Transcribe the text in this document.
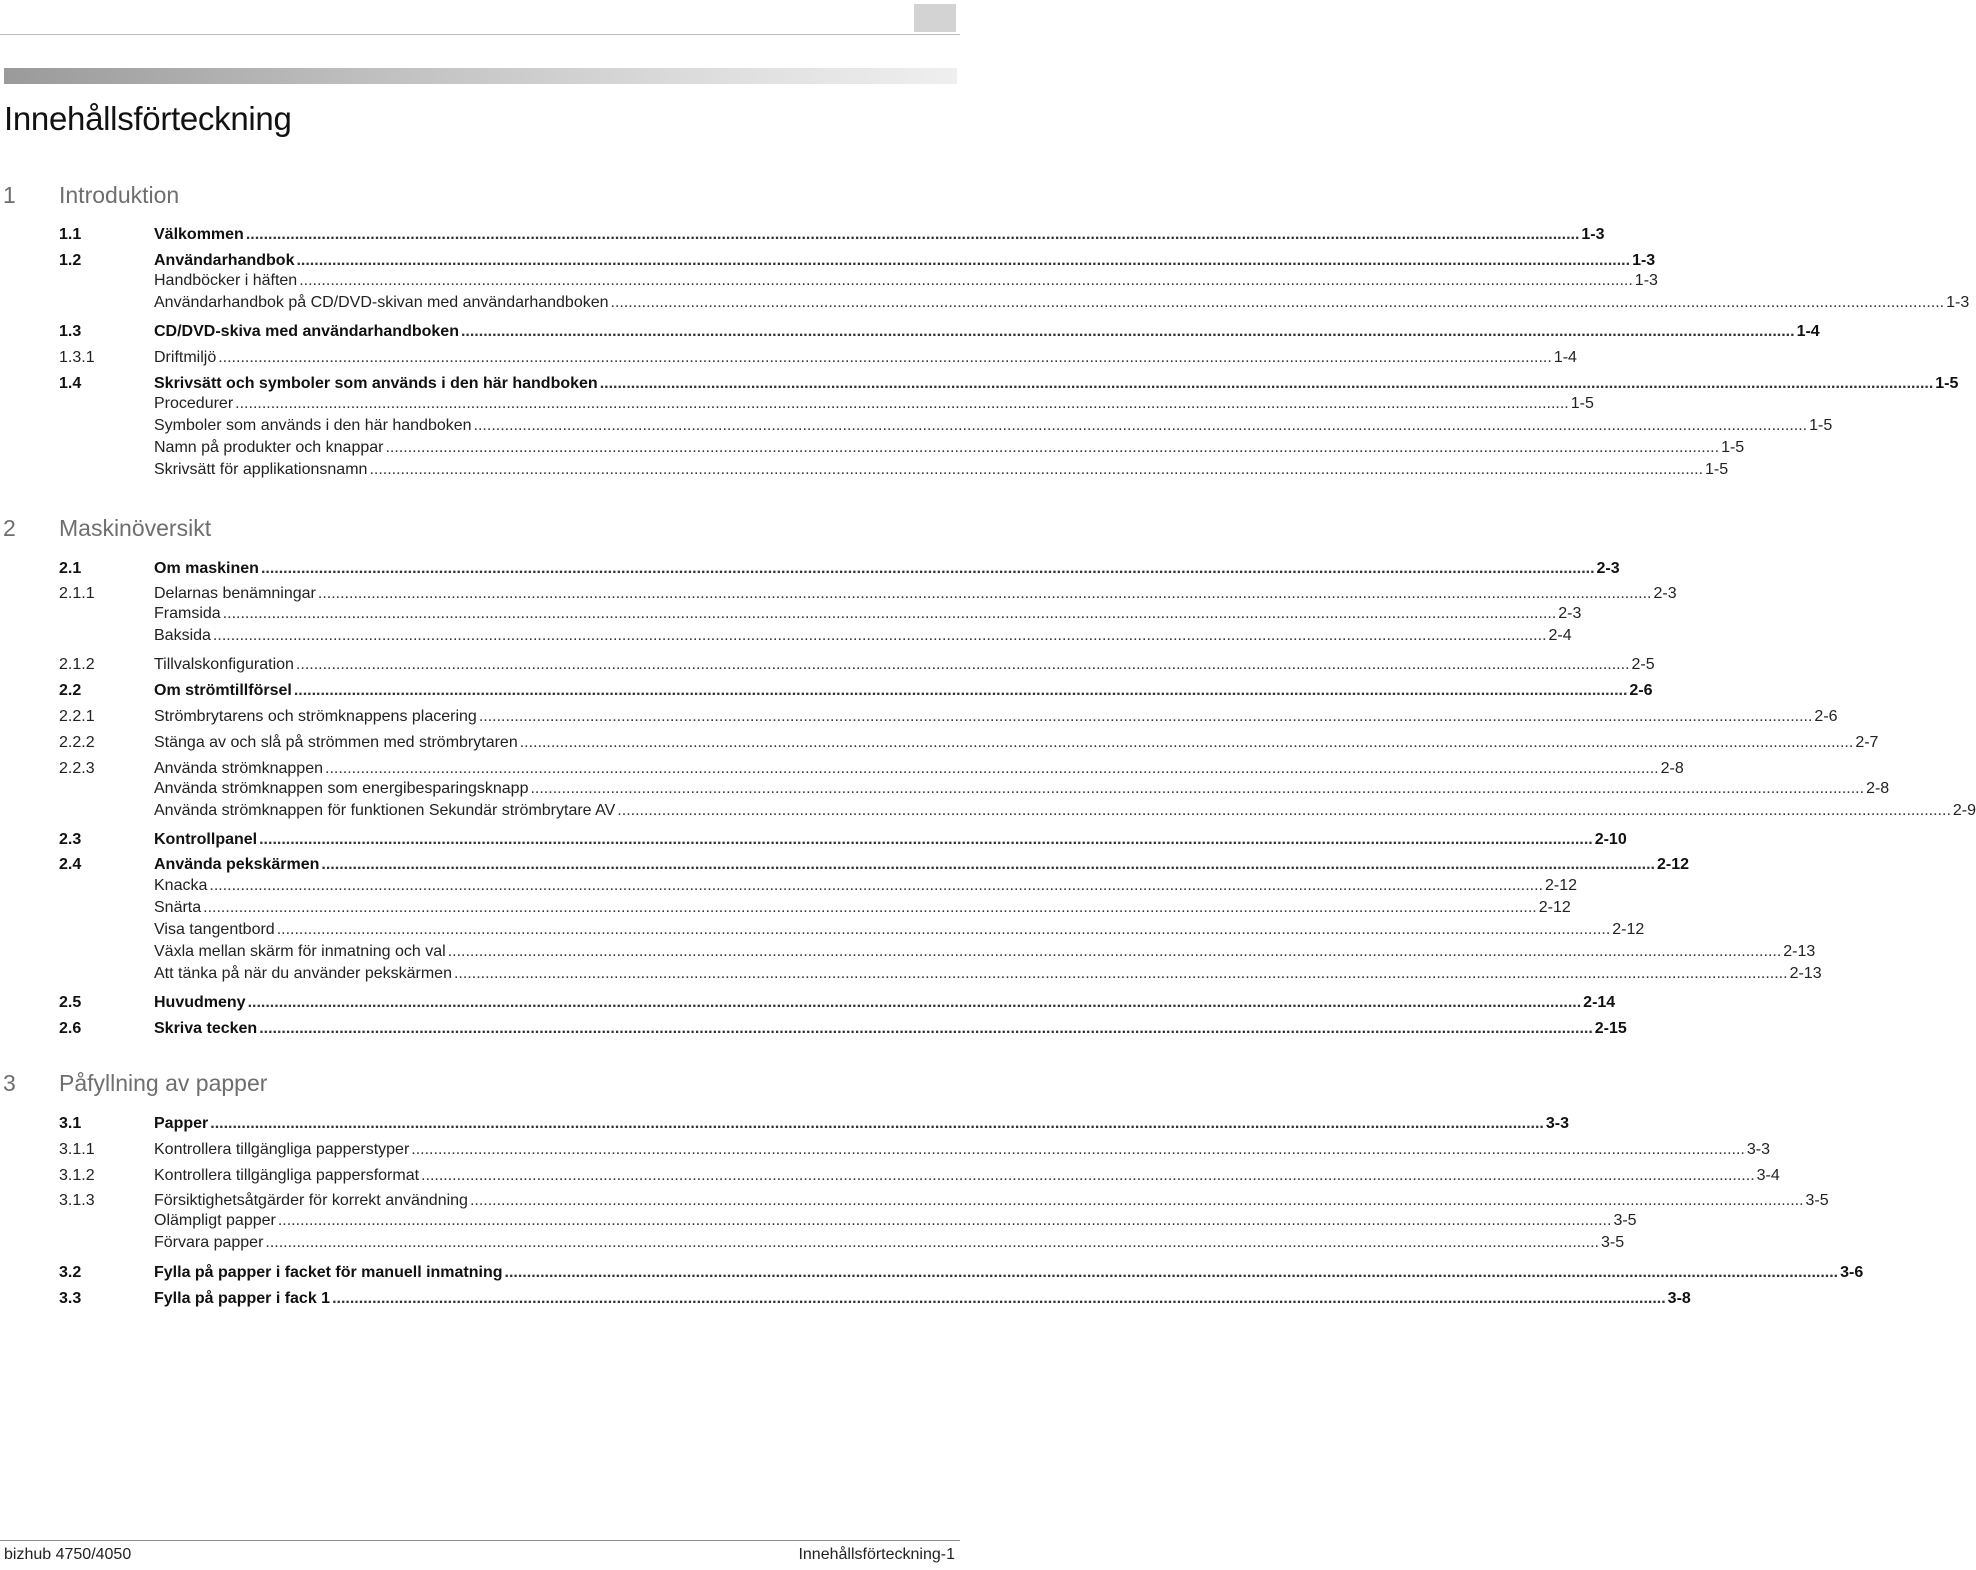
Innehållsförteckning
1 Introduktion
1.1	Välkommen ............................................................................................................................................................................................................................................................................................................ 1-3
1.2	Användarhandbok ............................................................................................................................................................................................................................................................................................................ 1-3
Handböcker i häften ............................................................................................................................................................................................................................................................................................................ 1-3
Användarhandbok på CD/DVD-skivan med användarhandboken ............................................................................................................................................................................................................................................................................................................ 1-3
1.3	CD/DVD-skiva med användarhandboken ............................................................................................................................................................................................................................................................................................................ 1-4
1.3.1	Driftmiljö ............................................................................................................................................................................................................................................................................................................ 1-4
1.4	Skrivsätt och symboler som används i den här handboken ............................................................................................................................................................................................................................................................................................................ 1-5
Procedurer ............................................................................................................................................................................................................................................................................................................ 1-5
Symboler som används i den här handboken ............................................................................................................................................................................................................................................................................................................ 1-5
Namn på produkter och knappar ............................................................................................................................................................................................................................................................................................................ 1-5
Skrivsätt för applikationsnamn ............................................................................................................................................................................................................................................................................................................ 1-5
2 Maskinöversikt
2.1	Om maskinen ............................................................................................................................................................................................................................................................................................................ 2-3
2.1.1	Delarnas benämningar ............................................................................................................................................................................................................................................................................................................ 2-3
Framsida ............................................................................................................................................................................................................................................................................................................ 2-3
Baksida ............................................................................................................................................................................................................................................................................................................ 2-4
2.1.2	Tillvalskonfiguration ............................................................................................................................................................................................................................................................................................................ 2-5
2.2	Om strömtillförsel ............................................................................................................................................................................................................................................................................................................ 2-6
2.2.1	Strömbrytarens och strömknappens placering ............................................................................................................................................................................................................................................................................................................ 2-6
2.2.2	Stänga av och slå på strömmen med strömbrytaren ............................................................................................................................................................................................................................................................................................................ 2-7
2.2.3	Använda strömknappen ............................................................................................................................................................................................................................................................................................................ 2-8
Använda strömknappen som energibesparingsknapp ............................................................................................................................................................................................................................................................................................................ 2-8
Använda strömknappen för funktionen Sekundär strömbrytare AV ............................................................................................................................................................................................................................................................................................................ 2-9
2.3	Kontrollpanel ............................................................................................................................................................................................................................................................................................................ 2-10
2.4	Använda pekskärmen ............................................................................................................................................................................................................................................................................................................ 2-12
Knacka ............................................................................................................................................................................................................................................................................................................ 2-12
Snärta ............................................................................................................................................................................................................................................................................................................ 2-12
Visa tangentbord ............................................................................................................................................................................................................................................................................................................ 2-12
Växla mellan skärm för inmatning och val ............................................................................................................................................................................................................................................................................................................ 2-13
Att tänka på när du använder pekskärmen ............................................................................................................................................................................................................................................................................................................ 2-13
2.5	Huvudmeny ............................................................................................................................................................................................................................................................................................................ 2-14
2.6	Skriva tecken ............................................................................................................................................................................................................................................................................................................ 2-15
3 Påfyllning av papper
3.1	Papper ............................................................................................................................................................................................................................................................................................................ 3-3
3.1.1	Kontrollera tillgängliga papperstyper ............................................................................................................................................................................................................................................................................................................ 3-3
3.1.2	Kontrollera tillgängliga pappersformat ............................................................................................................................................................................................................................................................................................................ 3-4
3.1.3	Försiktighetsåtgärder för korrekt användning ............................................................................................................................................................................................................................................................................................................ 3-5
Olämpligt papper ............................................................................................................................................................................................................................................................................................................ 3-5
Förvara papper ............................................................................................................................................................................................................................................................................................................ 3-5
3.2	Fylla på papper i facket för manuell inmatning ............................................................................................................................................................................................................................................................................................................ 3-6
3.3	Fylla på papper i fack 1 ............................................................................................................................................................................................................................................................................................................ 3-8
bizhub 4750/4050	Innehållsförteckning-1
